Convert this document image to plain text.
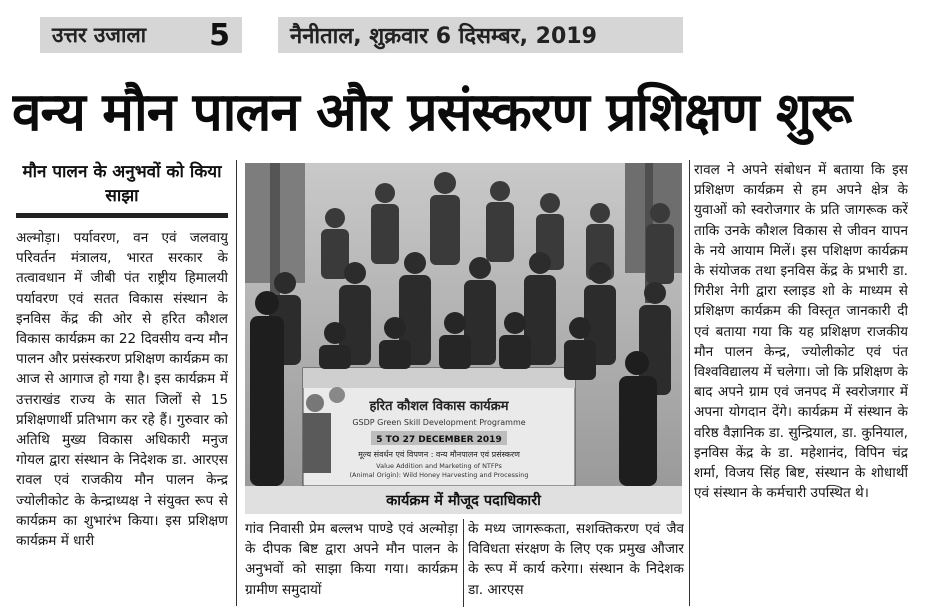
उत्तर उजाला 5	नैनीताल, शुक्रवार 6 दिसम्बर, 2019
वन्य मौन पालन और प्रसंस्करण प्रशिक्षण शुरू
मौन पालन के अनुभवों को किया साझा
अल्मोड़ा। पर्यावरण, वन एवं जलवायु परिवर्तन मंत्रालय, भारत सरकार के तत्वावधान में जीबी पंत राष्ट्रीय हिमालयी पर्यावरण एवं सतत विकास संस्थान के इनविस केंद्र की ओर से हरित कौशल विकास कार्यक्रम का 22 दिवसीय वन्य मौन पालन और प्रसंस्करण प्रशिक्षण कार्यक्रम का आज से आगाज हो गया है। इस कार्यक्रम में उत्तराखंड राज्य के सात जिलों से 15 प्रशिक्षणार्थी प्रतिभाग कर रहे हैं। गुरुवार को अतिथि मुख्य विकास अधिकारी मनुज गोयल द्वारा संस्थान के निदेशक डा. आरएस रावल एवं राजकीय मौन पालन केन्द्र ज्योलीकोट के केन्द्राध्यक्ष ने संयुक्त रूप से कार्यक्रम का शुभारंभ किया। इस प्रशिक्षण कार्यक्रम में धारी
गांव निवासी प्रेम बल्लभ पाण्डे एवं अल्मोड़ा के दीपक बिष्ट द्वारा अपने मौन पालन के अनुभवों को साझा किया गया। कार्यक्रम ग्रामीण समुदायों
के मध्य जागरूकता, सशक्तिकरण एवं जैव विविधता संरक्षण के लिए एक प्रमुख औजार के रूप में कार्य करेगा। संस्थान के निदेशक डा. आरएस
रावल ने अपने संबोधन में बताया कि इस प्रशिक्षण कार्यक्रम से हम अपने क्षेत्र के युवाओं को स्वरोजगार के प्रति जागरूक करें ताकि उनके कौशल विकास से जीवन यापन के नये आयाम मिलें। इस पशिक्षण कार्यक्रम के संयोजक तथा इनविस केंद्र के प्रभारी डा. गिरीश नेगी द्वारा स्लाइड शो के माध्यम से प्रशिक्षण कार्यक्रम की विस्तृत जानकारी दी एवं बताया गया कि यह प्रशिक्षण राजकीय मौन पालन केन्द्र, ज्योलीकोट एवं पंत विश्वविद्यालय में चलेगा। जो कि प्रशिक्षण के बाद अपने ग्राम एवं जनपद में स्वरोजगार में अपना योगदान देंगे। कार्यक्रम में संस्थान के वरिष्ठ वैज्ञानिक डा. सुन्द्रियाल, डा. कुनियाल, इनविस केंद्र के डा. महेशानंद, विपिन चंद्र शर्मा, विजय सिंह बिष्ट, संस्थान के शोधार्थी एवं संस्थान के कर्मचारी उपस्थित थे।
हरित कौशल विकास कार्यक्रम
GSDP Green Skill Development Programme
5 TO 27 DECEMBER 2019
मूल्य संवर्धन एवं विपणन : वन्य मौनपालन एवं प्रसंस्करण
Value Addition and Marketing of NTFPs
(Animal Origin): Wild Honey Harvesting and Processing
कार्यक्रम में मौजूद पदाधिकारी
